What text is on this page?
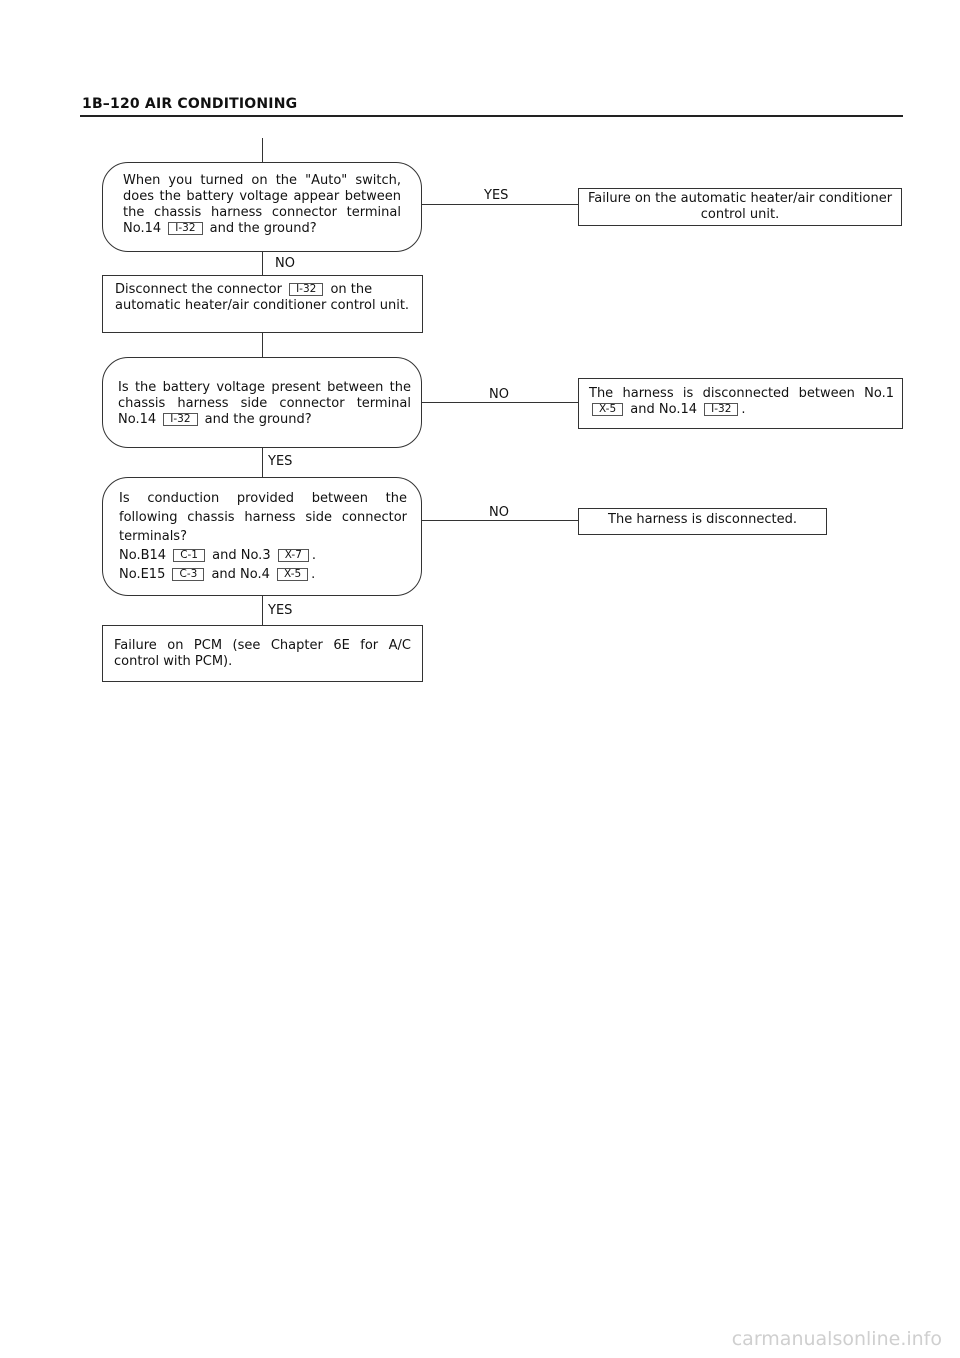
1B–120 AIR CONDITIONING
YES
NO
NO
YES
NO
YES
When you turned on the "Auto" switch, does the battery voltage appear between the chassis harness connector terminal No.14 I-32 and the ground?
Failure on the automatic heater/air conditioner control unit.
Disconnect the connector I-32 on the automatic heater/air conditioner control unit.
Is the battery voltage present between the chassis harness side connector terminal No.14 I-32 and the ground?
The harness is disconnected between No.1 X-5 and No.14 I-32 .
Is conduction provided between the following chassis harness side connector terminals?
No.B14 C-1 and No.3 X-7 .
No.E15 C-3 and No.4 X-5 .
The harness is disconnected.
Failure on PCM (see Chapter 6E for A/C control with PCM).
carmanualsonline.info
